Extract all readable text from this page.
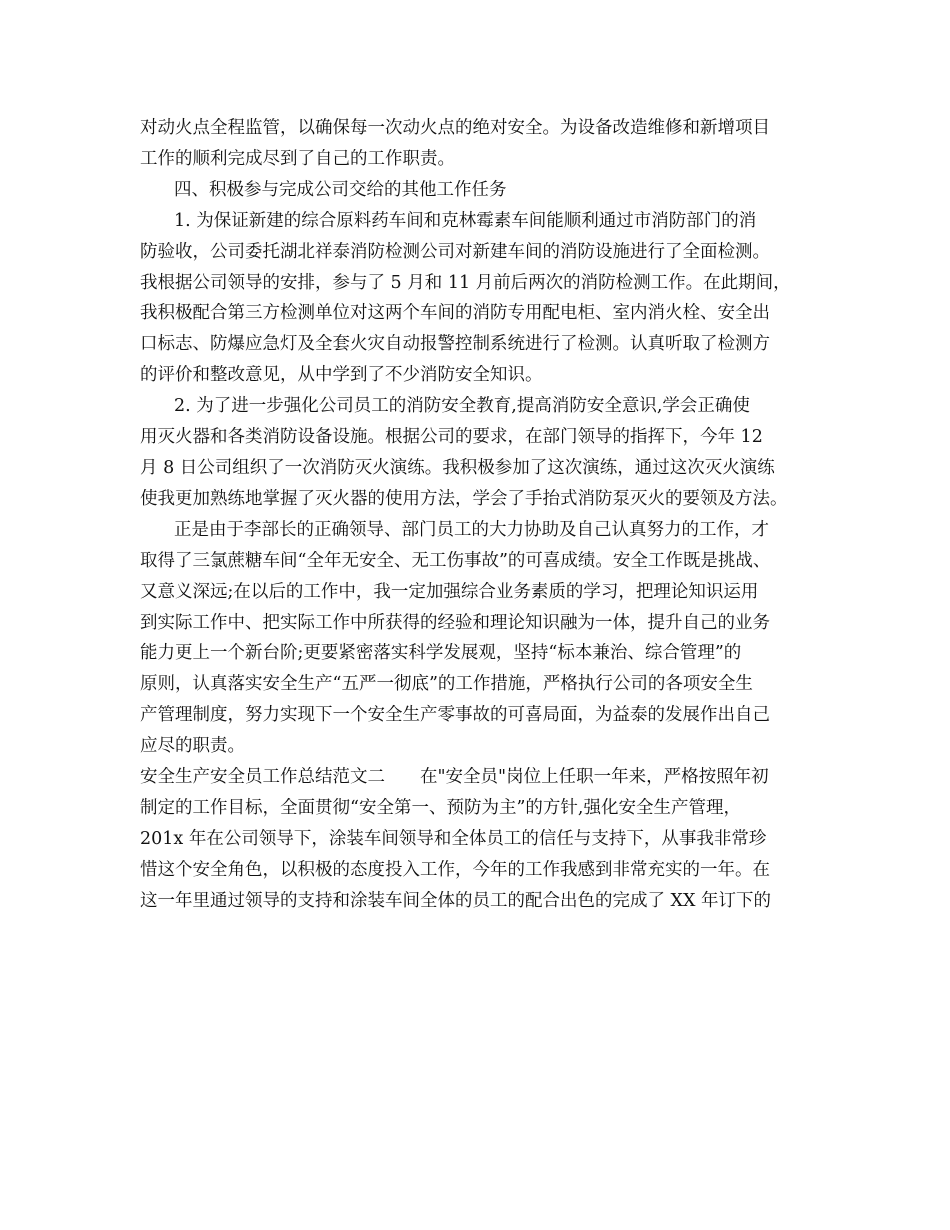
对动火点全程监管，以确保每一次动火点的绝对安全。为设备改造维修和新增项目
工作的顺利完成尽到了自己的工作职责。
四、积极参与完成公司交给的其他工作任务
1. 为保证新建的综合原料药车间和克林霉素车间能顺利通过市消防部门的消
防验收，公司委托湖北祥泰消防检测公司对新建车间的消防设施进行了全面检测。
我根据公司领导的安排，参与了 5 月和 11 月前后两次的消防检测工作。在此期间，
我积极配合第三方检测单位对这两个车间的消防专用配电柜、室内消火栓、安全出
口标志、防爆应急灯及全套火灾自动报警控制系统进行了检测。认真听取了检测方
的评价和整改意见，从中学到了不少消防安全知识。
2. 为了进一步强化公司员工的消防安全教育,提高消防安全意识,学会正确使
用灭火器和各类消防设备设施。根据公司的要求，在部门领导的指挥下，今年 12
月 8 日公司组织了一次消防灭火演练。我积极参加了这次演练，通过这次灭火演练
使我更加熟练地掌握了灭火器的使用方法，学会了手抬式消防泵灭火的要领及方法。
正是由于李部长的正确领导、部门员工的大力协助及自己认真努力的工作，才
取得了三氯蔗糖车间“全年无安全、无工伤事故”的可喜成绩。安全工作既是挑战、
又意义深远;在以后的工作中，我一定加强综合业务素质的学习，把理论知识运用
到实际工作中、把实际工作中所获得的经验和理论知识融为一体，提升自己的业务
能力更上一个新台阶;更要紧密落实科学发展观，坚持“标本兼治、综合管理”的
原则，认真落实安全生产“五严一彻底”的工作措施，严格执行公司的各项安全生
产管理制度，努力实现下一个安全生产零事故的可喜局面，为益泰的发展作出自己
应尽的职责。
安全生产安全员工作总结范文二　　在"安全员"岗位上任职一年来，严格按照年初
制定的工作目标，全面贯彻“安全第一、预防为主”的方针,强化安全生产管理，
201x 年在公司领导下，涂装车间领导和全体员工的信任与支持下，从事我非常珍
惜这个安全角色，以积极的态度投入工作，今年的工作我感到非常充实的一年。在
这一年里通过领导的支持和涂装车间全体的员工的配合出色的完成了 XX 年订下的
